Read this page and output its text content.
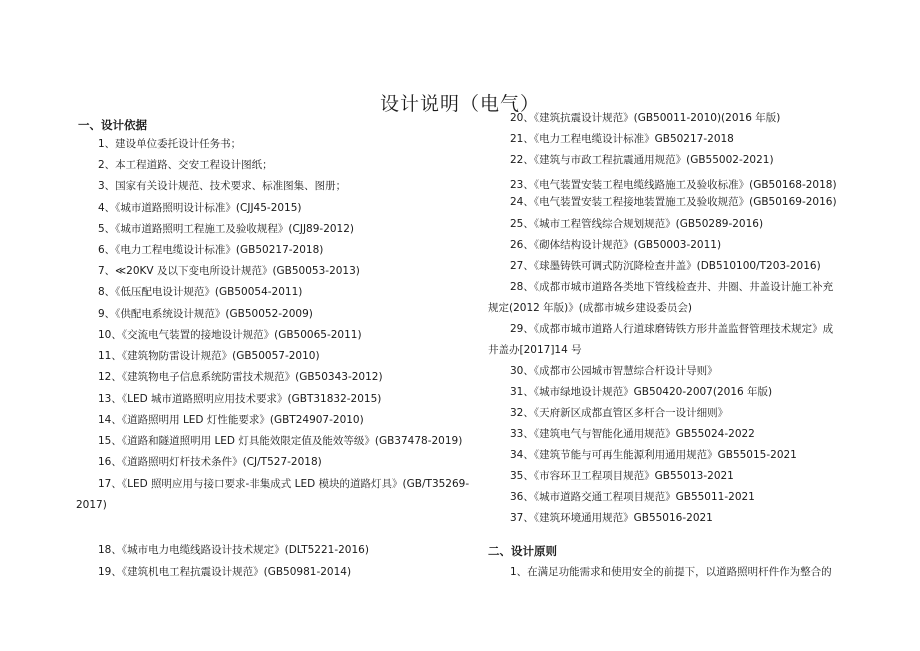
设计说明（电气）
一、设计依据
1、建设单位委托设计任务书；
2、本工程道路、交安工程设计图纸；
3、国家有关设计规范、技术要求、标准图集、图册；
4、《城市道路照明设计标准》(CJJ45-2015)
5、《城市道路照明工程施工及验收规程》(CJJ89-2012)
6、《电力工程电缆设计标准》(GB50217-2018)
7、≪20KV 及以下变电所设计规范》(GB50053-2013)
8、《低压配电设计规范》(GB50054-2011)
9、《供配电系统设计规范》(GB50052-2009)
10、《交流电气装置的接地设计规范》(GB50065-2011)
11、《建筑物防雷设计规范》(GB50057-2010)
12、《建筑物电子信息系统防雷技术规范》(GB50343-2012)
13、《LED 城市道路照明应用技术要求》(GBT31832-2015)
14、《道路照明用 LED 灯性能要求》(GBT24907-2010)
15、《道路和隧道照明用 LED 灯具能效限定值及能效等级》(GB37478-2019)
16、《道路照明灯杆技术条件》(CJ/T527-2018)
17、《LED 照明应用与接口要求-非集成式 LED 模块的道路灯具》(GB/T35269-
2017)
18、《城市电力电缆线路设计技术规定》(DLT5221-2016)
19、《建筑机电工程抗震设计规范》(GB50981-2014)
20、《建筑抗震设计规范》(GB50011-2010)(2016 年版)
21、《电力工程电缆设计标准》GB50217-2018
22、《建筑与市政工程抗震通用规范》(GB55002-2021)
23、《电气装置安装工程电缆线路施工及验收标准》(GB50168-2018)
24、《电气装置安装工程接地装置施工及验收规范》(GB50169-2016)
25、《城市工程管线综合规划规范》(GB50289-2016)
26、《砌体结构设计规范》(GB50003-2011)
27、《球墨铸铁可调式防沉降检查井盖》(DB510100/T203-2016)
28、《成都市城市道路各类地下管线检查井、井圈、井盖设计施工补充
规定(2012 年版)》(成都市城乡建设委员会)
29、《成都市城市道路人行道球磨铸铁方形井盖监督管理技术规定》成
井盖办[2017]14 号
30、《成都市公园城市智慧综合杆设计导则》
31、《城市绿地设计规范》GB50420-2007(2016 年版)
32、《天府新区成都直管区多杆合一设计细则》
33、《建筑电气与智能化通用规范》GB55024-2022
34、《建筑节能与可再生能源利用通用规范》GB55015-2021
35、《市容环卫工程项目规范》GB55013-2021
36、《城市道路交通工程项目规范》GB55011-2021
37、《建筑环境通用规范》GB55016-2021
二、设计原则
1、在满足功能需求和使用安全的前提下，以道路照明杆件作为整合的
